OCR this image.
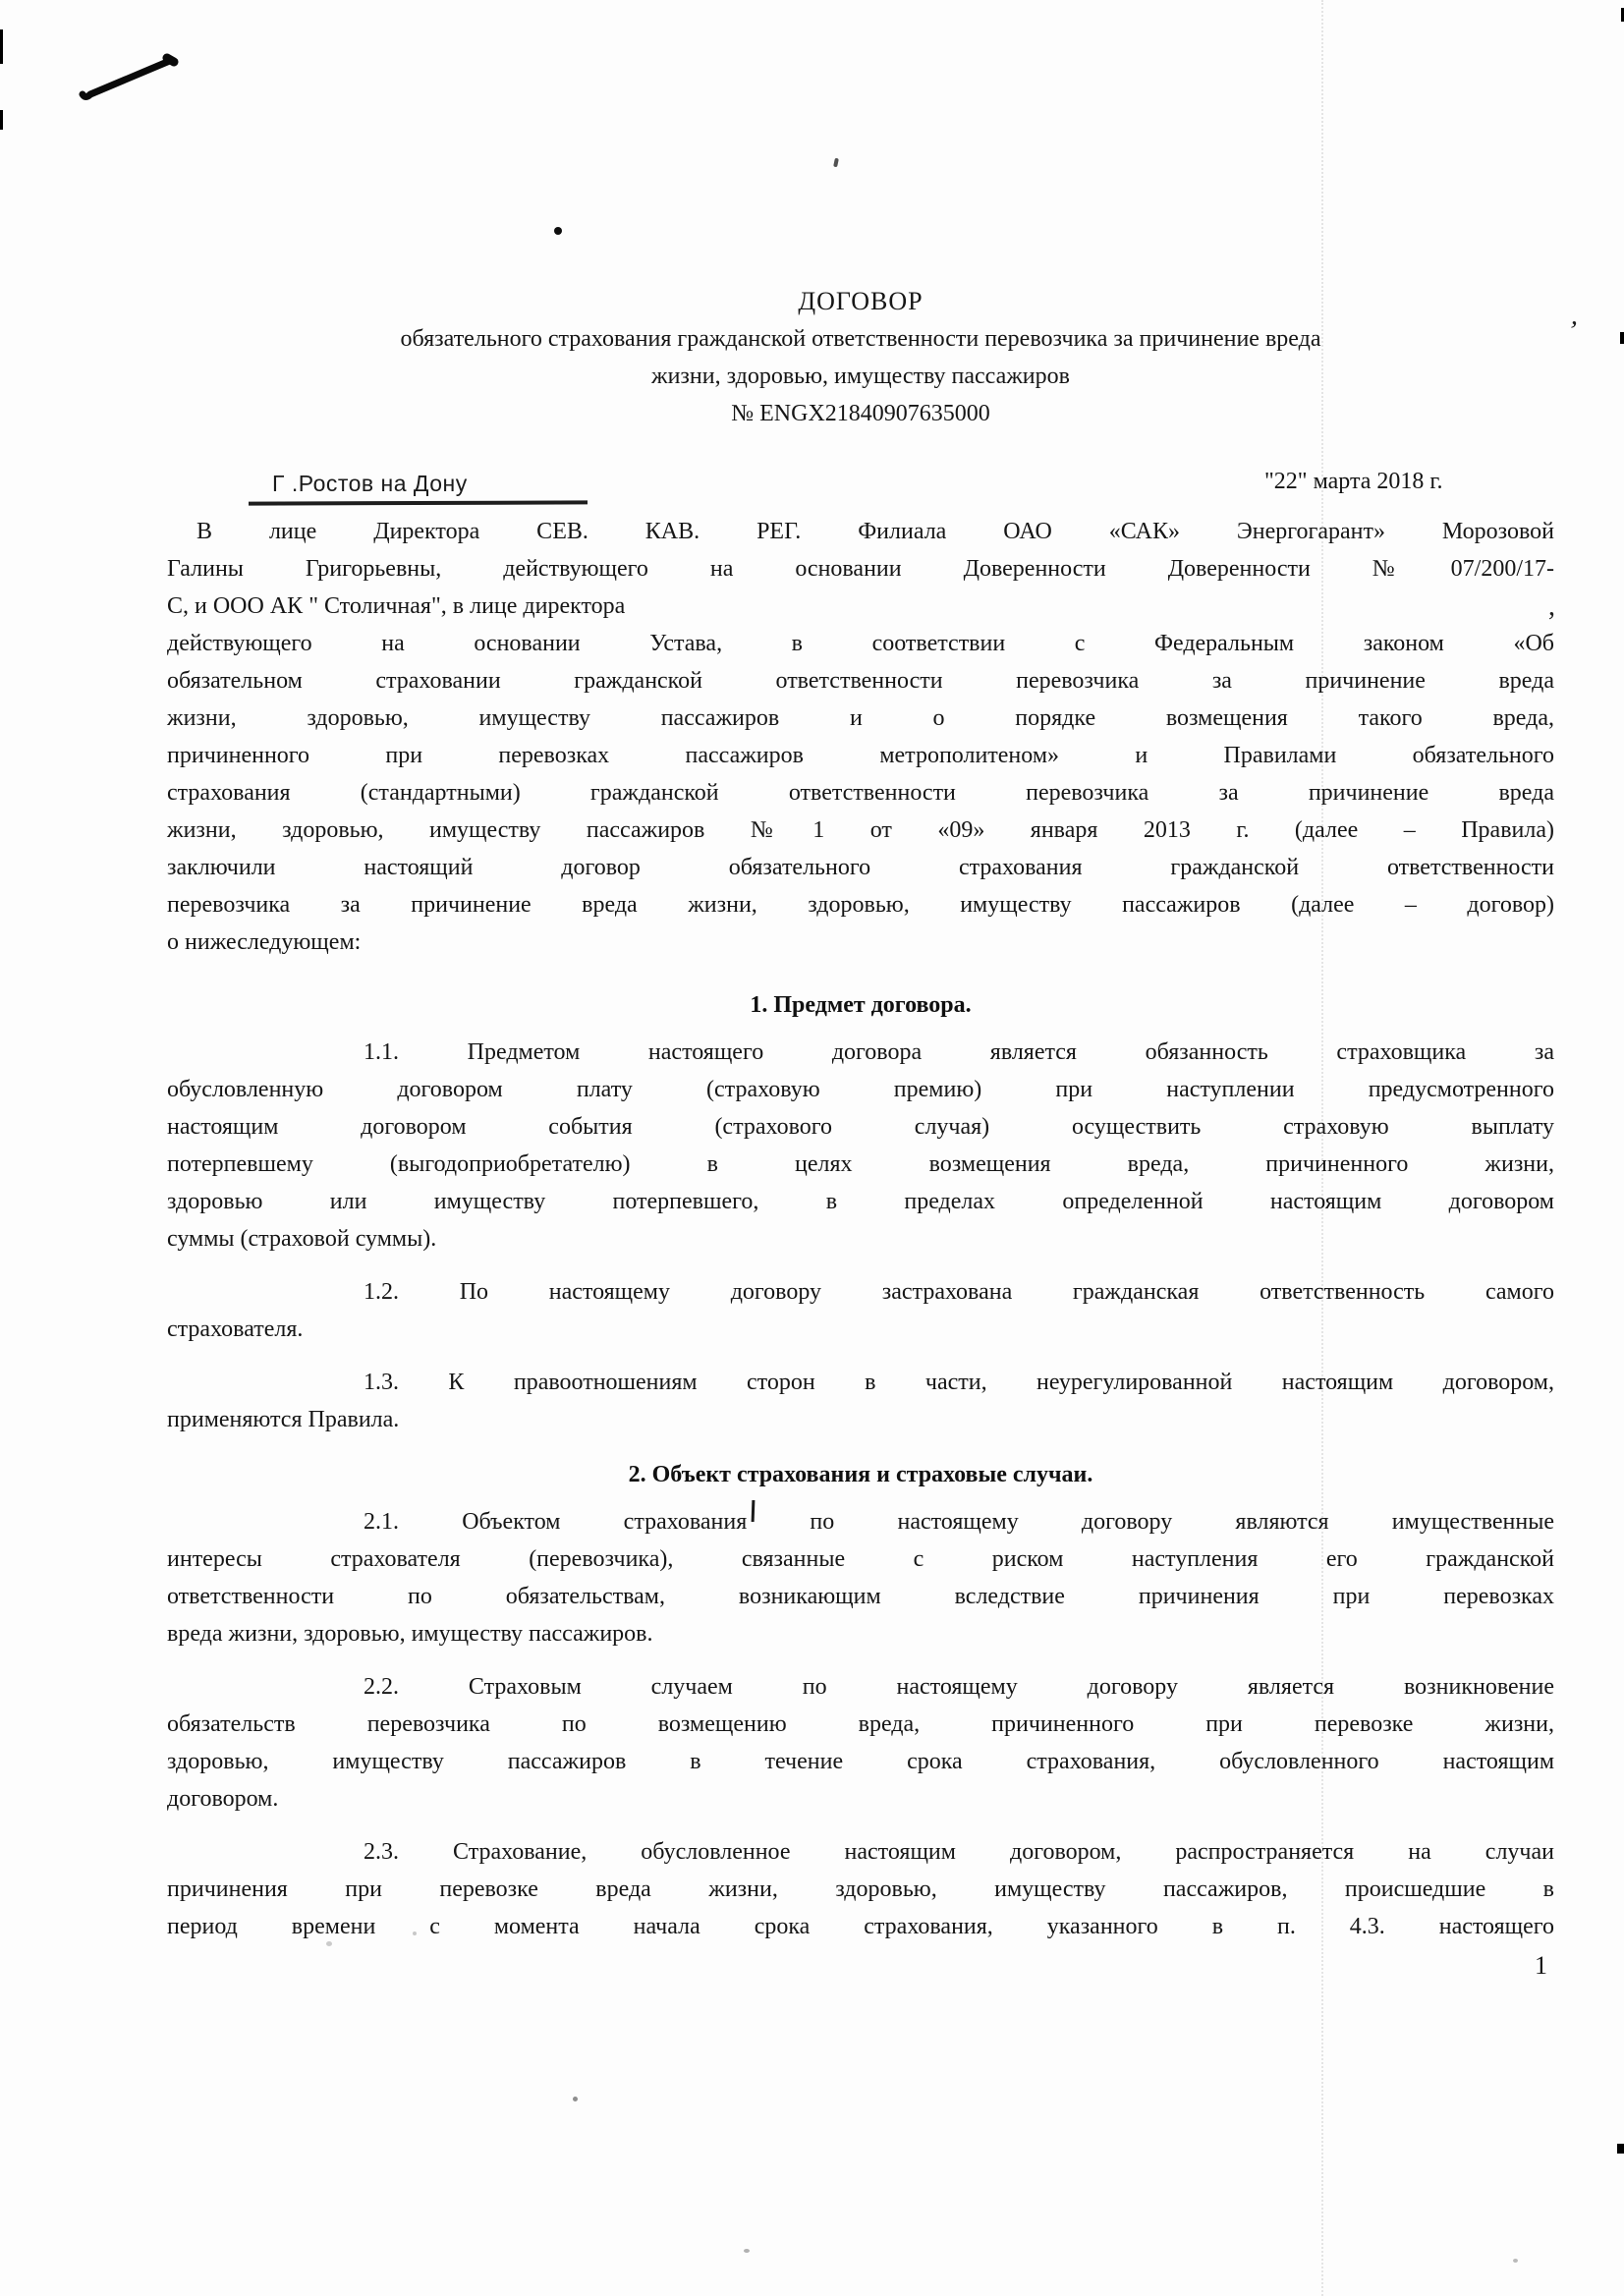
,
,
ДОГОВОР
обязательного страхования гражданской ответственности перевозчика за причинение вреда
жизни, здоровью, имуществу пассажиров
№ ENGX21840907635000
Г .Ростов на Дону	"22" марта 2018 г.
В лице Директора СЕВ. КАВ. РЕГ. Филиала ОАО «САК» Энергогарант» Морозовой
Галины Григорьевны, действующего на основании Доверенности Доверенности №07/200/17-
С, и ООО АК " Столичная", в лице директора
действующего на основании Устава, в соответствии с Федеральным законом «Об
обязательном страховании гражданской ответственности перевозчика за причинение вреда
жизни, здоровью, имуществу пассажиров и о порядке возмещения такого вреда,
причиненного при перевозках пассажиров метрополитеном» и Правилами обязательного
страхования (стандартными) гражданской ответственности перевозчика за причинение вреда
жизни, здоровью, имуществу пассажиров №1 от «09» января 2013 г. (далее – Правила)
заключили настоящий договор обязательного страхования гражданской ответственности
перевозчика за причинение вреда жизни, здоровью, имуществу пассажиров (далее – договор)
о нижеследующем:
1. Предмет договора.
1.1. Предметом настоящего договора является обязанность страховщика за
обусловленную договором плату (страховую премию) при наступлении предусмотренного
настоящим договором события (страхового случая) осуществить страховую выплату
потерпевшему (выгодоприобретателю) в целях возмещения вреда, причиненного жизни,
здоровью или имуществу потерпевшего, в пределах определенной настоящим договором
суммы (страховой суммы).
1.2. По настоящему договору застрахована гражданская ответственность самого
страхователя.
1.3. К правоотношениям сторон в части, неурегулированной настоящим договором,
применяются Правила.
2. Объект страхования и страховые случаи.
2.1. Объектом страхования по настоящему договору являются имущественные
интересы страхователя (перевозчика), связанные с риском наступления его гражданской
ответственности по обязательствам, возникающим вследствие причинения при перевозках
вреда жизни, здоровью, имуществу пассажиров.
2.2. Страховым случаем по настоящему договору является возникновение
обязательств перевозчика по возмещению вреда, причиненного при перевозке жизни,
здоровью, имуществу пассажиров в течение срока страхования, обусловленного настоящим
договором.
2.3. Страхование, обусловленное настоящим договором, распространяется на случаи
причинения при перевозке вреда жизни, здоровью, имуществу пассажиров, происшедшие в
период времени с момента начала срока страхования, указанного в п. 4.3. настоящего
1
